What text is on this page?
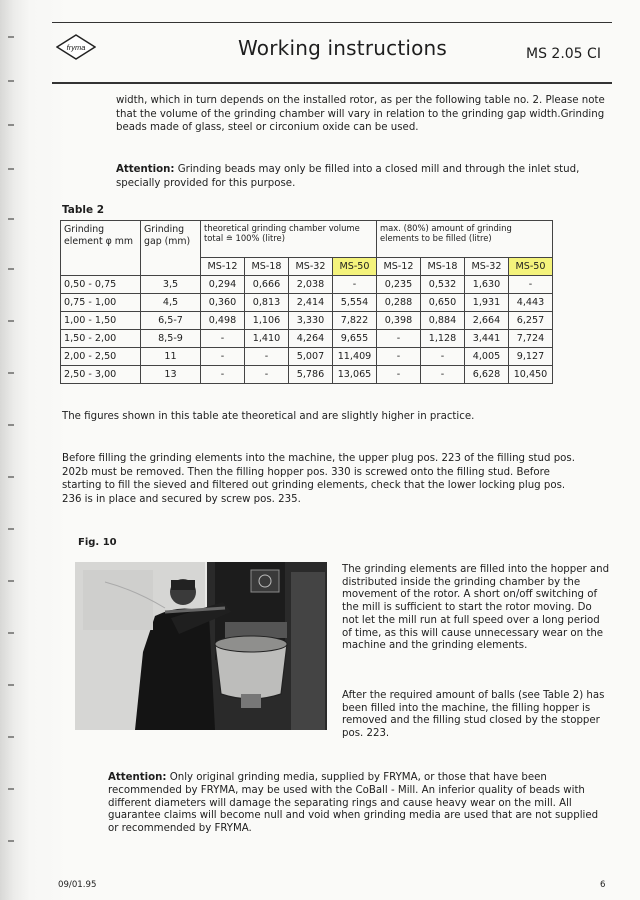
fryma	Working instructions	MS 2.05 CI
width, which in turn depends on the installed rotor, as per the following table no. 2. Please note that the volume of the grinding chamber will vary in relation to the grinding gap width.Grinding beads made of glass, steel or circonium oxide can be used.
Attention: Grinding beads may only be filled into a closed mill and through the inlet stud, specially provided for this purpose.
Table 2
Grinding element φ mm	Grinding gap (mm)	theoretical grinding chamber volume total ≘ 100% (litre)				max. (80%) amount of grinding elements to be filled (litre)			
		MS-12	MS-18	MS-32	MS-50	MS-12	MS-18	MS-32	MS-50
0,50 - 0,75	3,5	0,294	0,666	2,038	-	0,235	0,532	1,630	-
0,75 - 1,00	4,5	0,360	0,813	2,414	5,554	0,288	0,650	1,931	4,443
1,00 - 1,50	6,5-7	0,498	1,106	3,330	7,822	0,398	0,884	2,664	6,257
1,50 - 2,00	8,5-9	-	1,410	4,264	9,655	-	1,128	3,441	7,724
2,00 - 2,50	11	-	-	5,007	11,409	-	-	4,005	9,127
2,50 - 3,00	13	-	-	5,786	13,065	-	-	6,628	10,450
The figures shown in this table ate theoretical and are slightly higher in practice.
Before filling the grinding elements into the machine, the upper plug pos. 223 of the filling stud pos. 202b must be removed. Then the filling hopper pos. 330 is screwed onto the filling stud. Before starting to fill the sieved and filtered out grinding elements, check that the lower locking plug pos. 236 is in place and secured by screw pos. 235.
Fig. 10
The grinding elements are filled into the hopper and distributed inside the grinding chamber by the movement of the rotor. A short on/off switching of the mill is sufficient to start the rotor moving. Do not let the mill run at full speed over a long period of time, as this will cause unnecessary wear on the machine and the grinding elements.
After the required amount of balls (see Table 2) has been filled into the machine, the filling hopper is removed and the filling stud closed by the stopper pos. 223.
Attention: Only original grinding media, supplied by FRYMA, or those that have been recommended by FRYMA, may be used with the CoBall - Mill. An inferior quality of beads with different diameters will damage the separating rings and cause heavy wear on the mill. All guarantee claims will become null and void when grinding media are used that are not supplied or recommended by FRYMA.
09/01.95	6
